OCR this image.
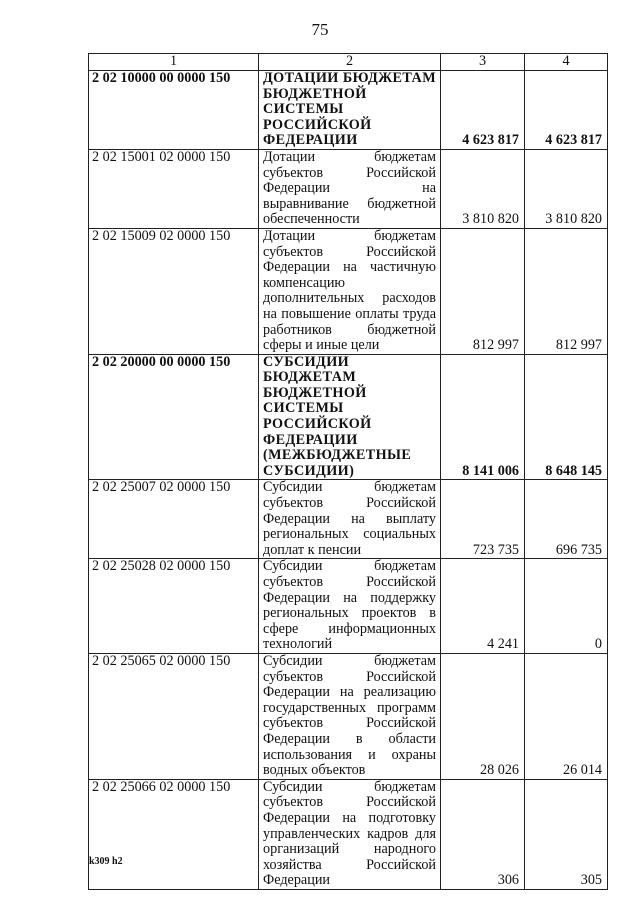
75
1	2	3	4
2 02 10000 00 0000 150	ДОТАЦИИ БЮДЖЕТАМ БЮДЖЕТНОЙ СИСТЕМЫ РОССИЙСКОЙ ФЕДЕРАЦИИ	4 623 817	4 623 817
2 02 15001 02 0000 150	Дотации бюджетам субъектов Российской Федерации на выравнивание бюджетной обеспеченности	3 810 820	3 810 820
2 02 15009 02 0000 150	Дотации бюджетам субъектов Российской Федерации на частичную компенсацию дополнительных расходов на повышение оплаты труда работников бюджетной сферы и иные цели	812 997	812 997
2 02 20000 00 0000 150	СУБСИДИИ БЮДЖЕТАМ БЮДЖЕТНОЙ СИСТЕМЫ РОССИЙСКОЙ ФЕДЕРАЦИИ (МЕЖБЮДЖЕТНЫЕ СУБСИДИИ)	8 141 006	8 648 145
2 02 25007 02 0000 150	Субсидии бюджетам субъектов Российской Федерации на выплату региональных социальных доплат к пенсии	723 735	696 735
2 02 25028 02 0000 150	Субсидии бюджетам субъектов Российской Федерации на поддержку региональных проектов в сфере информационных технологий	4 241	0
2 02 25065 02 0000 150	Субсидии бюджетам субъектов Российской Федерации на реализацию государственных программ субъектов Российской Федерации в области использования и охраны водных объектов	28 026	26 014
2 02 25066 02 0000 150	Субсидии бюджетам субъектов Российской Федерации на подготовку управленческих кадров для организаций народного хозяйства Российской Федерации	306	305
k309 h2
